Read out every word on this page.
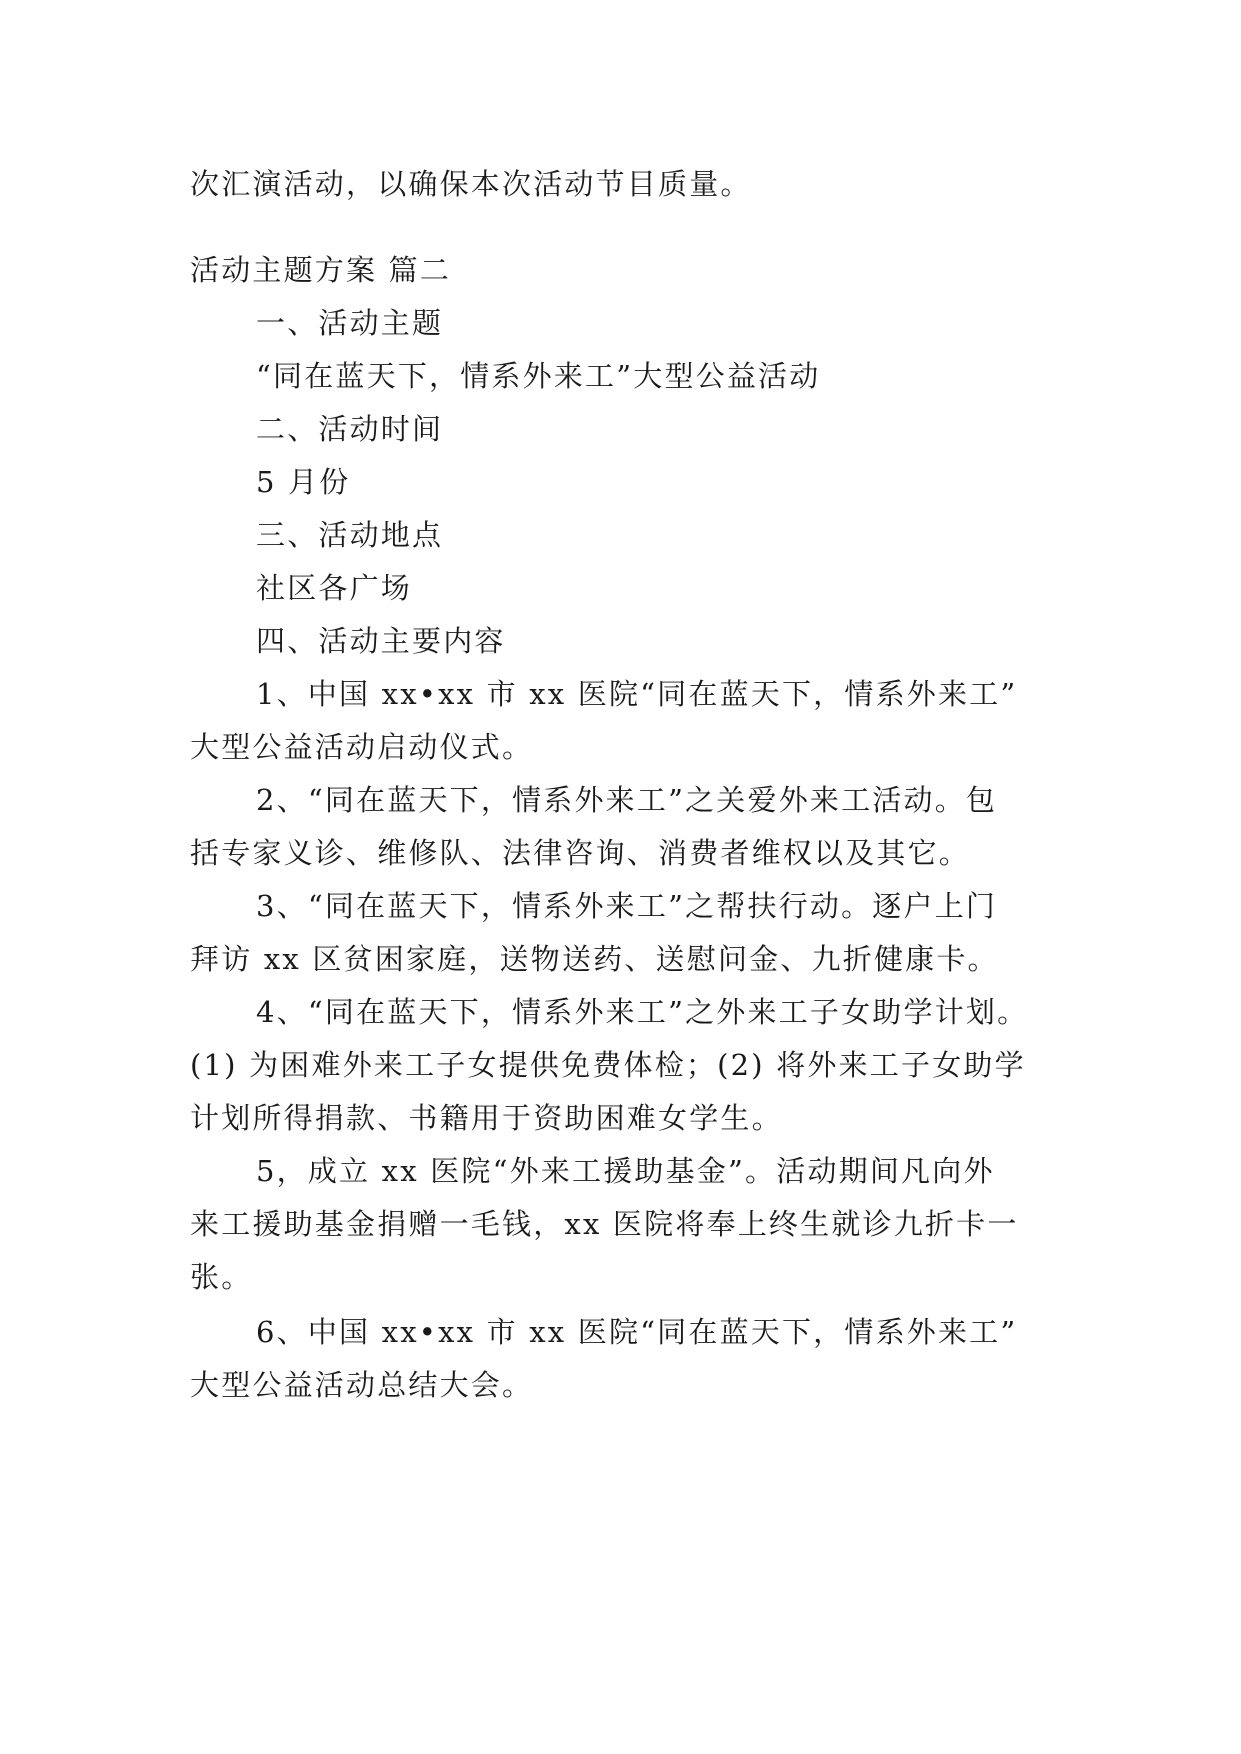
次汇演活动，以确保本次活动节目质量。
活动主题方案 篇二
一、活动主题
“同在蓝天下，情系外来工”大型公益活动
二、活动时间
5 月份
三、活动地点
社区各广场
四、活动主要内容
1、中国 xx•xx 市 xx 医院“同在蓝天下，情系外来工”
大型公益活动启动仪式。
2、“同在蓝天下，情系外来工”之关爱外来工活动。包
括专家义诊、维修队、法律咨询、消费者维权以及其它。
3、“同在蓝天下，情系外来工”之帮扶行动。逐户上门
拜访 xx 区贫困家庭，送物送药、送慰问金、九折健康卡。
4、“同在蓝天下，情系外来工”之外来工子女助学计划。
(1) 为困难外来工子女提供免费体检；(2) 将外来工子女助学
计划所得捐款、书籍用于资助困难女学生。
5，成立 xx 医院“外来工援助基金”。活动期间凡向外
来工援助基金捐赠一毛钱，xx 医院将奉上终生就诊九折卡一
张。
6、中国 xx•xx 市 xx 医院“同在蓝天下，情系外来工”
大型公益活动总结大会。
